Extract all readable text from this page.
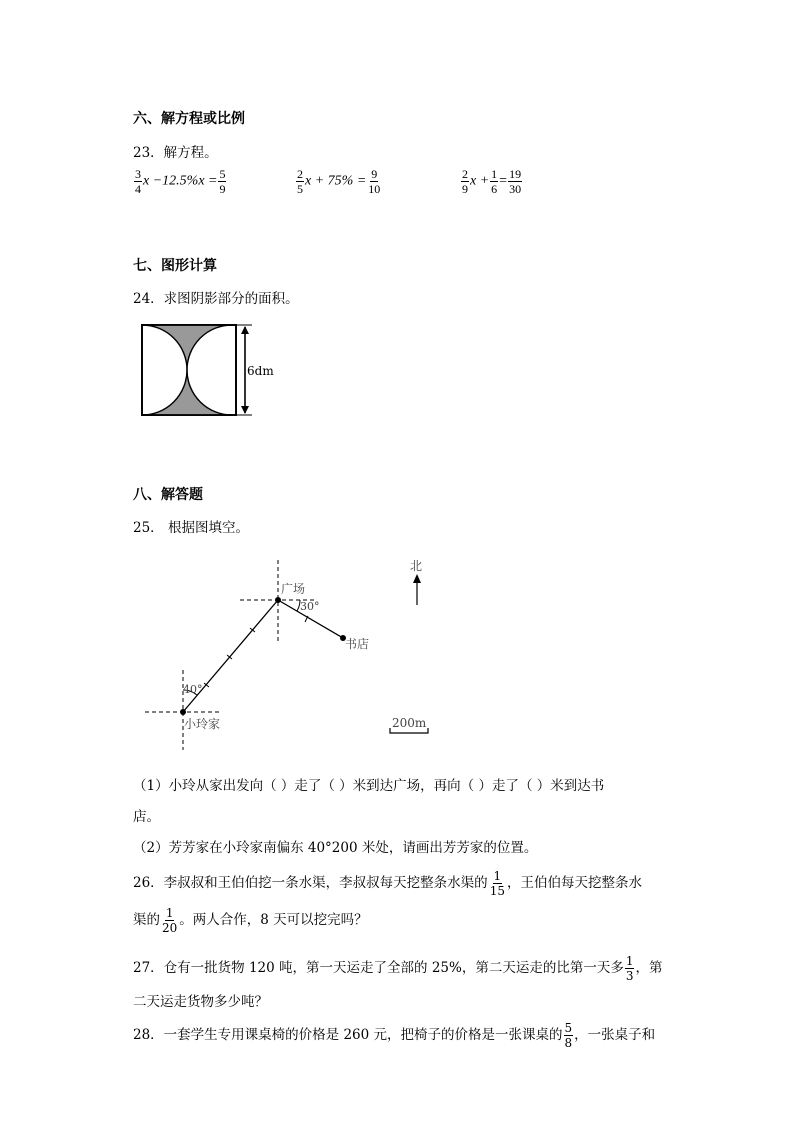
六、解方程或比例
23．解方程。
$\frac{3}{4}$ $x -12.5\%x = \frac{5}{9}$	$\frac{2}{5}$ $x + 75\% = \frac{9}{10}$	$\frac{2}{9}$ $x + \frac{1}{6} = \frac{19}{30}$
七、图形计算
24．求图阴影部分的面积。
6dm
八、解答题
25． 根据图填空。
广场
30°
书店
40°
小玲家
北
200m
（1）小玲从家出发向（ ）走了（ ）米到达广场，再向（ ）走了（ ）米到达书
店。
（2）芳芳家在小玲家南偏东 40°200 米处，请画出芳芳家的位置。
26．李叔叔和王伯伯挖一条水渠，李叔叔每天挖整条水渠的 $\frac{1}{15}$ ，王伯伯每天挖整条水
渠的 $\frac{1}{20}$ 。两人合作，8 天可以挖完吗？
27．仓有一批货物 120 吨，第一天运走了全部的 25%，第二天运走的比第一天多 $\frac{1}{3}$ ，第
二天运走货物多少吨？
28．一套学生专用课桌椅的价格是 260 元，把椅子的价格是一张课桌的 $\frac{5}{8}$ ，一张桌子和
